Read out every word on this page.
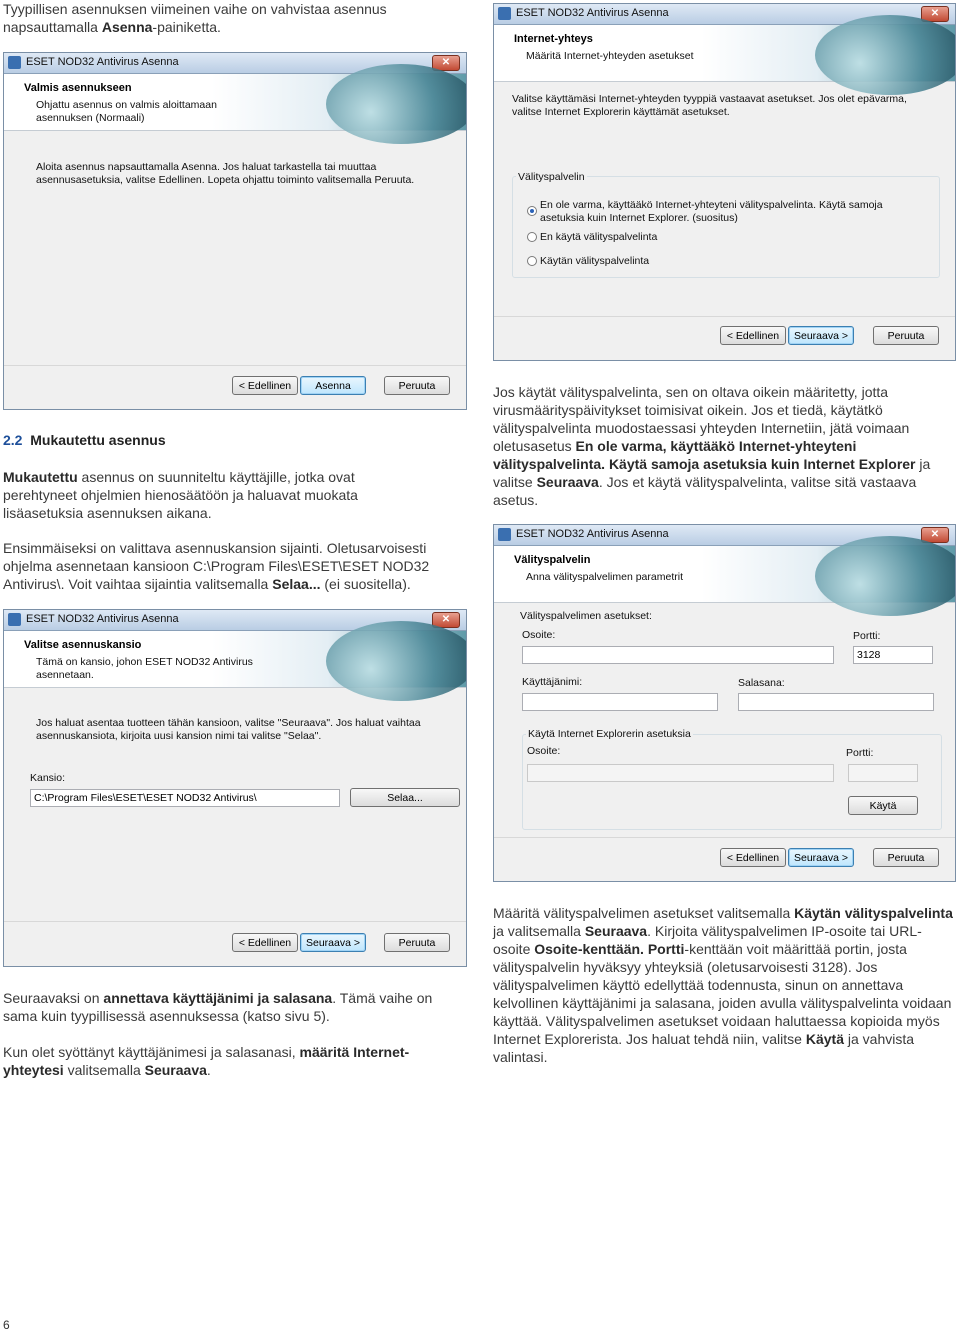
Tyypillisen asennuksen viimeinen vaihe on vahvistaa asennus
napsauttamalla Asenna-painiketta.

ESET NOD32 Antivirus Asenna	✕
Valmis asennukseen
Ohjattu asennus on valmis aloittamaan asennuksen (Normaali)
Aloita asennus napsauttamalla Asenna. Jos haluat tarkastella tai muuttaa asennusasetuksia, valitse Edellinen. Lopeta ohjattu toiminto valitsemalla Peruuta.
< Edellinen	Asenna	Peruuta
2.2 Mukautettu asennus

Mukautettu asennus on suunniteltu käyttäjille, jotka ovat perehtyneet ohjelmien hienosäätöön ja haluavat muokata lisäasetuksia asennuksen aikana.

Ensimmäiseksi on valittava asennuskansion sijainti. Oletusarvoisesti ohjelma asennetaan kansioon C:\Program Files\ESET\ESET NOD32 Antivirus\. Voit vaihtaa sijaintia valitsemalla Selaa... (ei suositella).

ESET NOD32 Antivirus Asenna	✕
Valitse asennuskansio
Tämä on kansio, johon ESET NOD32 Antivirus asennetaan.
Jos haluat asentaa tuotteen tähän kansioon, valitse "Seuraava". Jos haluat vaihtaa asennuskansiota, kirjoita uusi kansion nimi tai valitse "Selaa".
Kansio:
C:\Program Files\ESET\ESET NOD32 Antivirus\	Selaa...
< Edellinen	Seuraava >	Peruuta

Seuraavaksi on annettava käyttäjänimi ja salasana. Tämä vaihe on sama kuin tyypillisessä asennuksessa (katso sivu 5).

Kun olet syöttänyt käyttäjänimesi ja salasanasi, määritä Internet-yhteytesi valitsemalla Seuraava.

ESET NOD32 Antivirus Asenna	✕
Internet-yhteys
Määritä Internet-yhteyden asetukset
Valitse käyttämäsi Internet-yhteyden tyyppiä vastaavat asetukset. Jos olet epävarma, valitse Internet Explorerin käyttämät asetukset.
Välityspalvelin
En ole varma, käyttääkö Internet-yhteyteni välityspalvelinta. Käytä samoja asetuksia kuin Internet Explorer. (suositus)
En käytä välityspalvelinta
Käytän välityspalvelinta
< Edellinen	Seuraava >	Peruuta

Jos käytät välityspalvelinta, sen on oltava oikein määritetty, jotta virusmäärityspäivitykset toimisivat oikein. Jos et tiedä, käytätkö välityspalvelinta muodostaessasi yhteyden Internetiin, jätä voimaan oletusasetus En ole varma, käyttääkö Internet-yhteyteni välityspalvelinta. Käytä samoja asetuksia kuin Internet Explorer ja valitse Seuraava. Jos et käytä välityspalvelinta, valitse sitä vastaava asetus.

ESET NOD32 Antivirus Asenna	✕
Välityspalvelin
Anna välityspalvelimen parametrit
Välityspalvelimen asetukset:
Osoite:	Portti:
3128
Käyttäjänimi:	Salasana:
Käytä Internet Explorerin asetuksia
Osoite:	Portti:
Käytä
< Edellinen	Seuraava >	Peruuta

Määritä välityspalvelimen asetukset valitsemalla Käytän välityspalvelinta ja valitsemalla Seuraava. Kirjoita välityspalvelimen IP-osoite tai URL-osoite Osoite-kenttään. Portti-kenttään voit määrittää portin, josta välityspalvelin hyväksyy yhteyksiä (oletusarvoisesti 3128). Jos välityspalvelimen käyttö edellyttää todennusta, sinun on annettava kelvollinen käyttäjänimi ja salasana, joiden avulla välityspalvelinta voidaan käyttää. Välityspalvelimen asetukset voidaan haluttaessa kopioida myös Internet Explorerista. Jos haluat tehdä niin, valitse Käytä ja vahvista valintasi.

6
